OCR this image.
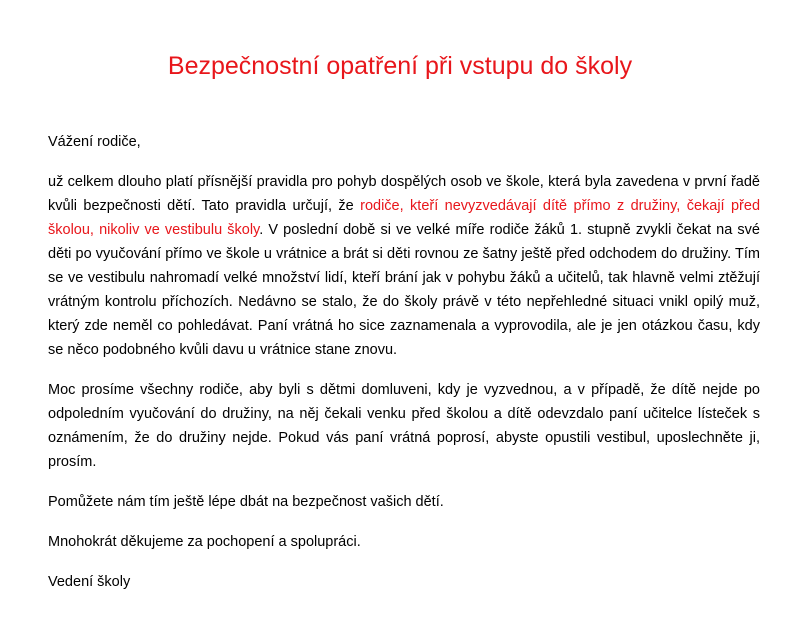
Bezpečnostní opatření při vstupu do školy

Vážení rodiče,

už celkem dlouho platí přísnější pravidla pro pohyb dospělých osob ve škole, která byla zavedena v první řadě kvůli bezpečnosti dětí. Tato pravidla určují, že rodiče, kteří nevyzvedávají dítě přímo z družiny, čekají před školou, nikoliv ve vestibulu školy. V poslední době si ve velké míře rodiče žáků 1. stupně zvykli čekat na své děti po vyučování přímo ve škole u vrátnice a brát si děti rovnou ze šatny ještě před odchodem do družiny. Tím se ve vestibulu nahromadí velké množství lidí, kteří brání jak v pohybu žáků a učitelů, tak hlavně velmi ztěžují vrátným kontrolu příchozích. Nedávno se stalo, že do školy právě v této nepřehledné situaci vnikl opilý muž, který zde neměl co pohledávat. Paní vrátná ho sice zaznamenala a vyprovodila, ale je jen otázkou času, kdy se něco podobného kvůli davu u vrátnice stane znovu.

Moc prosíme všechny rodiče, aby byli s dětmi domluveni, kdy je vyzvednou, a v případě, že dítě nejde po odpoledním vyučování do družiny, na něj čekali venku před školou a dítě odevzdalo paní učitelce lísteček s oznámením, že do družiny nejde. Pokud vás paní vrátná poprosí, abyste opustili vestibul, uposlechněte ji, prosím.

Pomůžete nám tím ještě lépe dbát na bezpečnost vašich dětí.

Mnohokrát děkujeme za pochopení a spolupráci.

Vedení školy
